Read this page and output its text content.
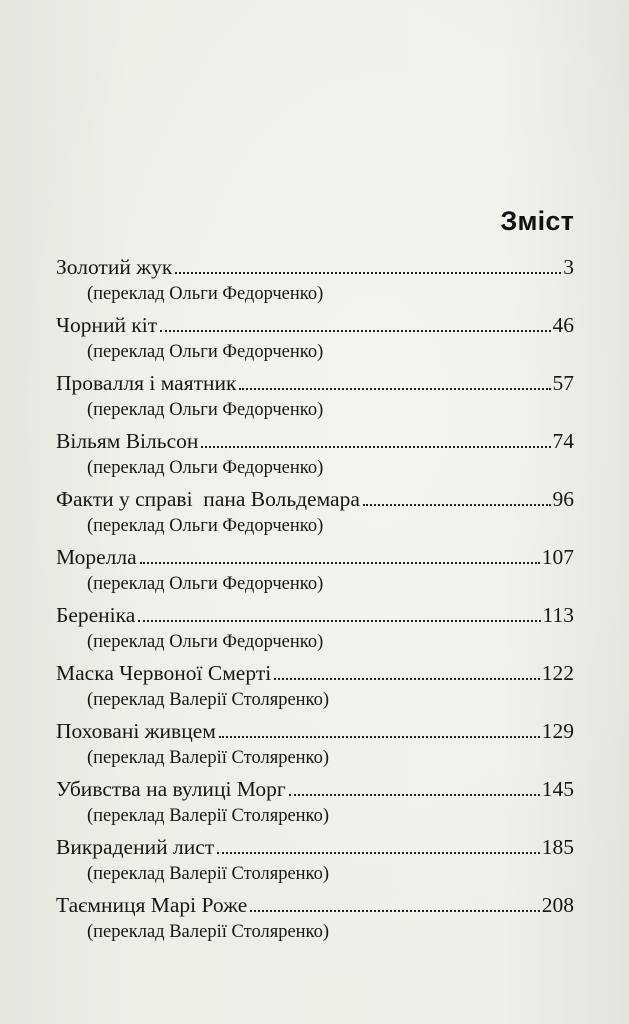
Зміст
Золотий жук	3
(переклад Ольги Федорченко)
Чорний кіт	46
(переклад Ольги Федорченко)
Провалля і маятник	57
(переклад Ольги Федорченко)
Вільям Вільсон	74
(переклад Ольги Федорченко)
Факти у справі  пана Вольдемара	96
(переклад Ольги Федорченко)
Морелла	107
(переклад Ольги Федорченко)
Береніка	113
(переклад Ольги Федорченко)
Маска Червоної Смерті	122
(переклад Валерії Столяренко)
Поховані живцем	129
(переклад Валерії Столяренко)
Убивства на вулиці Морг	145
(переклад Валерії Столяренко)
Викрадений лист	185
(переклад Валерії Столяренко)
Таємниця Марі Роже	208
(переклад Валерії Столяренко)
